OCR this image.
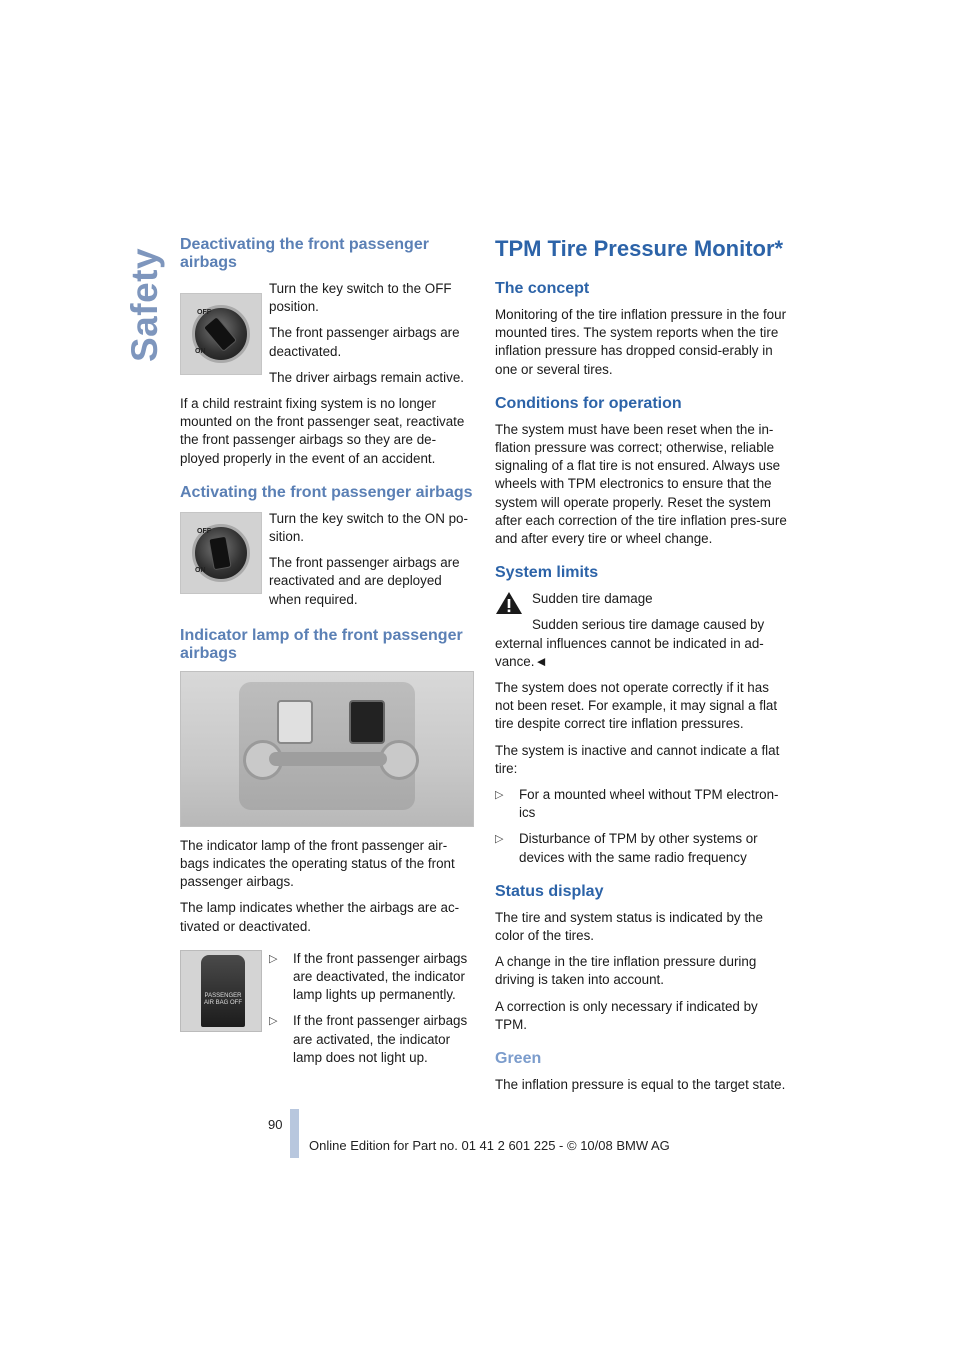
Safety
Deactivating the front passenger airbags
OFF
ON

Turn the key switch to the OFF position.

The front passenger airbags are deactivated.

The driver airbags remain active.

If a child restraint fixing system is no longer mounted on the front passenger seat, reactivate the front passenger airbags so they are de-ployed properly in the event of an accident.

Activating the front passenger airbags
OFF
ON

Turn the key switch to the ON po-sition.

The front passenger airbags are reactivated and are deployed when required.

Indicator lamp of the front passenger airbags

The indicator lamp of the front passenger air-bags indicates the operating status of the front passenger airbags.

The lamp indicates whether the airbags are ac-tivated or deactivated.

PASSENGER AIR BAG OFF
▷	If the front passenger airbags are deactivated, the indicator lamp lights up permanently.
▷	If the front passenger airbags are activated, the indicator lamp does not light up.
TPM Tire Pressure Monitor*
The concept

Monitoring of the tire inflation pressure in the four mounted tires. The system reports when the tire inflation pressure has dropped consid-erably in one or several tires.

Conditions for operation

The system must have been reset when the in-flation pressure was correct; otherwise, reliable signaling of a flat tire is not ensured. Always use wheels with TPM electronics to ensure that the system will operate properly. Reset the system after each correction of the tire inflation pres-sure and after every tire or wheel change.

System limits

Sudden tire damage

Sudden serious tire damage caused by external influences cannot be indicated in ad-vance.◄

The system does not operate correctly if it has not been reset. For example, it may signal a flat tire despite correct tire inflation pressures.

The system is inactive and cannot indicate a flat tire:

▷	For a mounted wheel without TPM electron-ics
▷	Disturbance of TPM by other systems or devices with the same radio frequency
Status display

The tire and system status is indicated by the color of the tires.

A change in the tire inflation pressure during driving is taken into account.

A correction is only necessary if indicated by TPM.

Green

The inflation pressure is equal to the target state.

90
Online Edition for Part no. 01 41 2 601 225 - © 10/08 BMW AG
